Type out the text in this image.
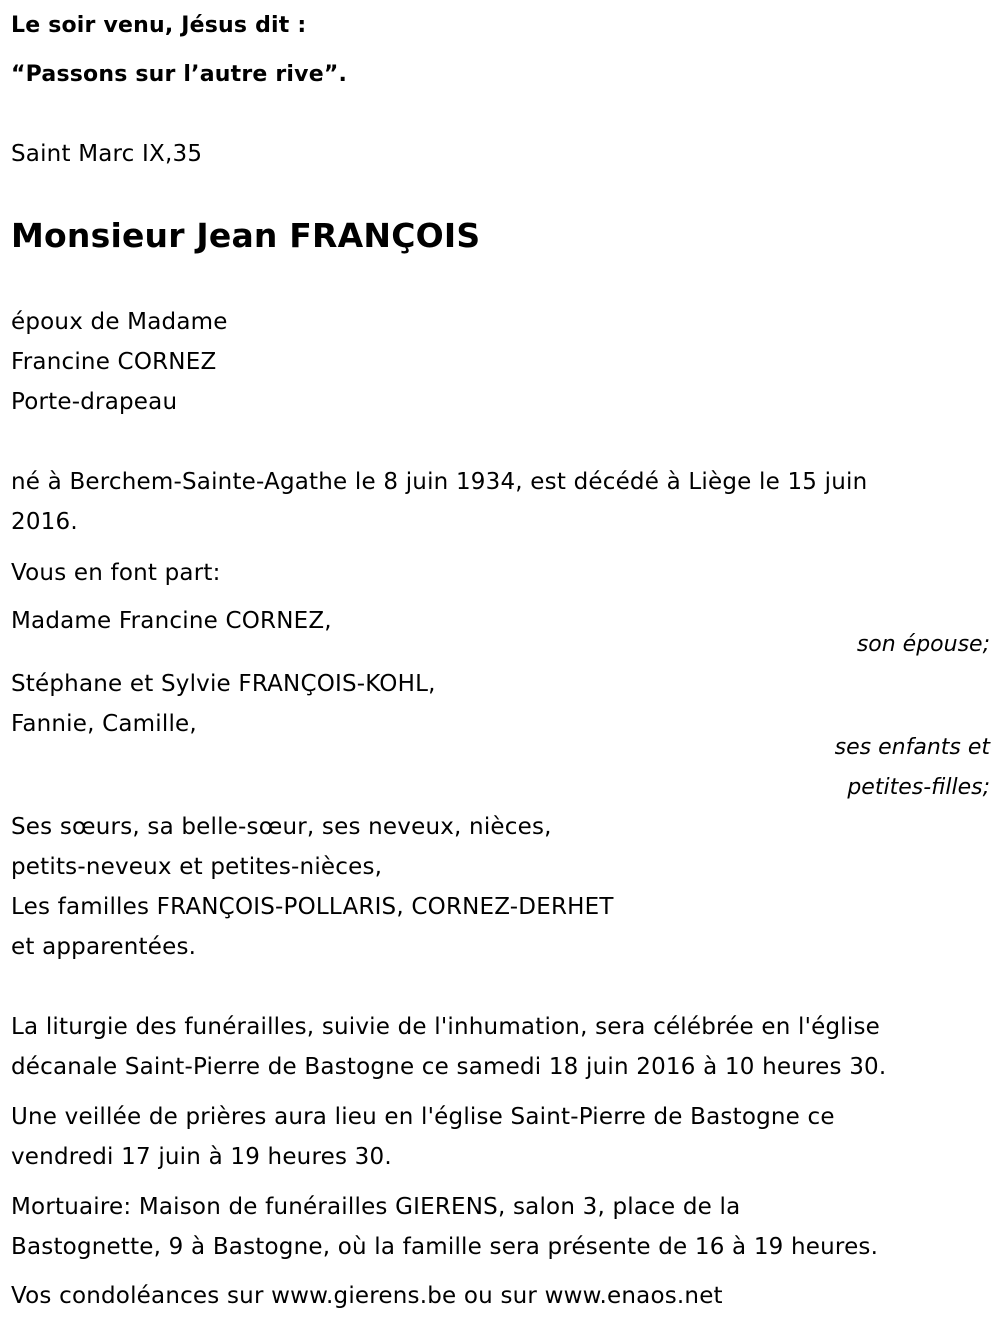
Le soir venu, Jésus dit :
“Passons sur l’autre rive”.
Saint Marc IX,35
Monsieur Jean FRANÇOIS
époux de Madame
Francine CORNEZ
Porte-drapeau
né à Berchem-Sainte-Agathe le 8 juin 1934, est décédé à Liège le 15 juin
2016.
Vous en font part:
Madame Francine CORNEZ,
son épouse;
Stéphane et Sylvie FRANÇOIS-KOHL,
Fannie, Camille,
ses enfants et
petites-filles;
Ses sœurs, sa belle-sœur, ses neveux, nièces,
petits-neveux et petites-nièces,
Les familles FRANÇOIS-POLLARIS, CORNEZ-DERHET
et apparentées.
La liturgie des funérailles, suivie de l'inhumation, sera célébrée en l'église
décanale Saint-Pierre de Bastogne ce samedi 18 juin 2016 à 10 heures 30.
Une veillée de prières aura lieu en l'église Saint-Pierre de Bastogne ce
vendredi 17 juin à 19 heures 30.
Mortuaire: Maison de funérailles GIERENS, salon 3, place de la
Bastognette, 9 à Bastogne, où la famille sera présente de 16 à 19 heures.
Vos condoléances sur www.gierens.be ou sur www.enaos.net
